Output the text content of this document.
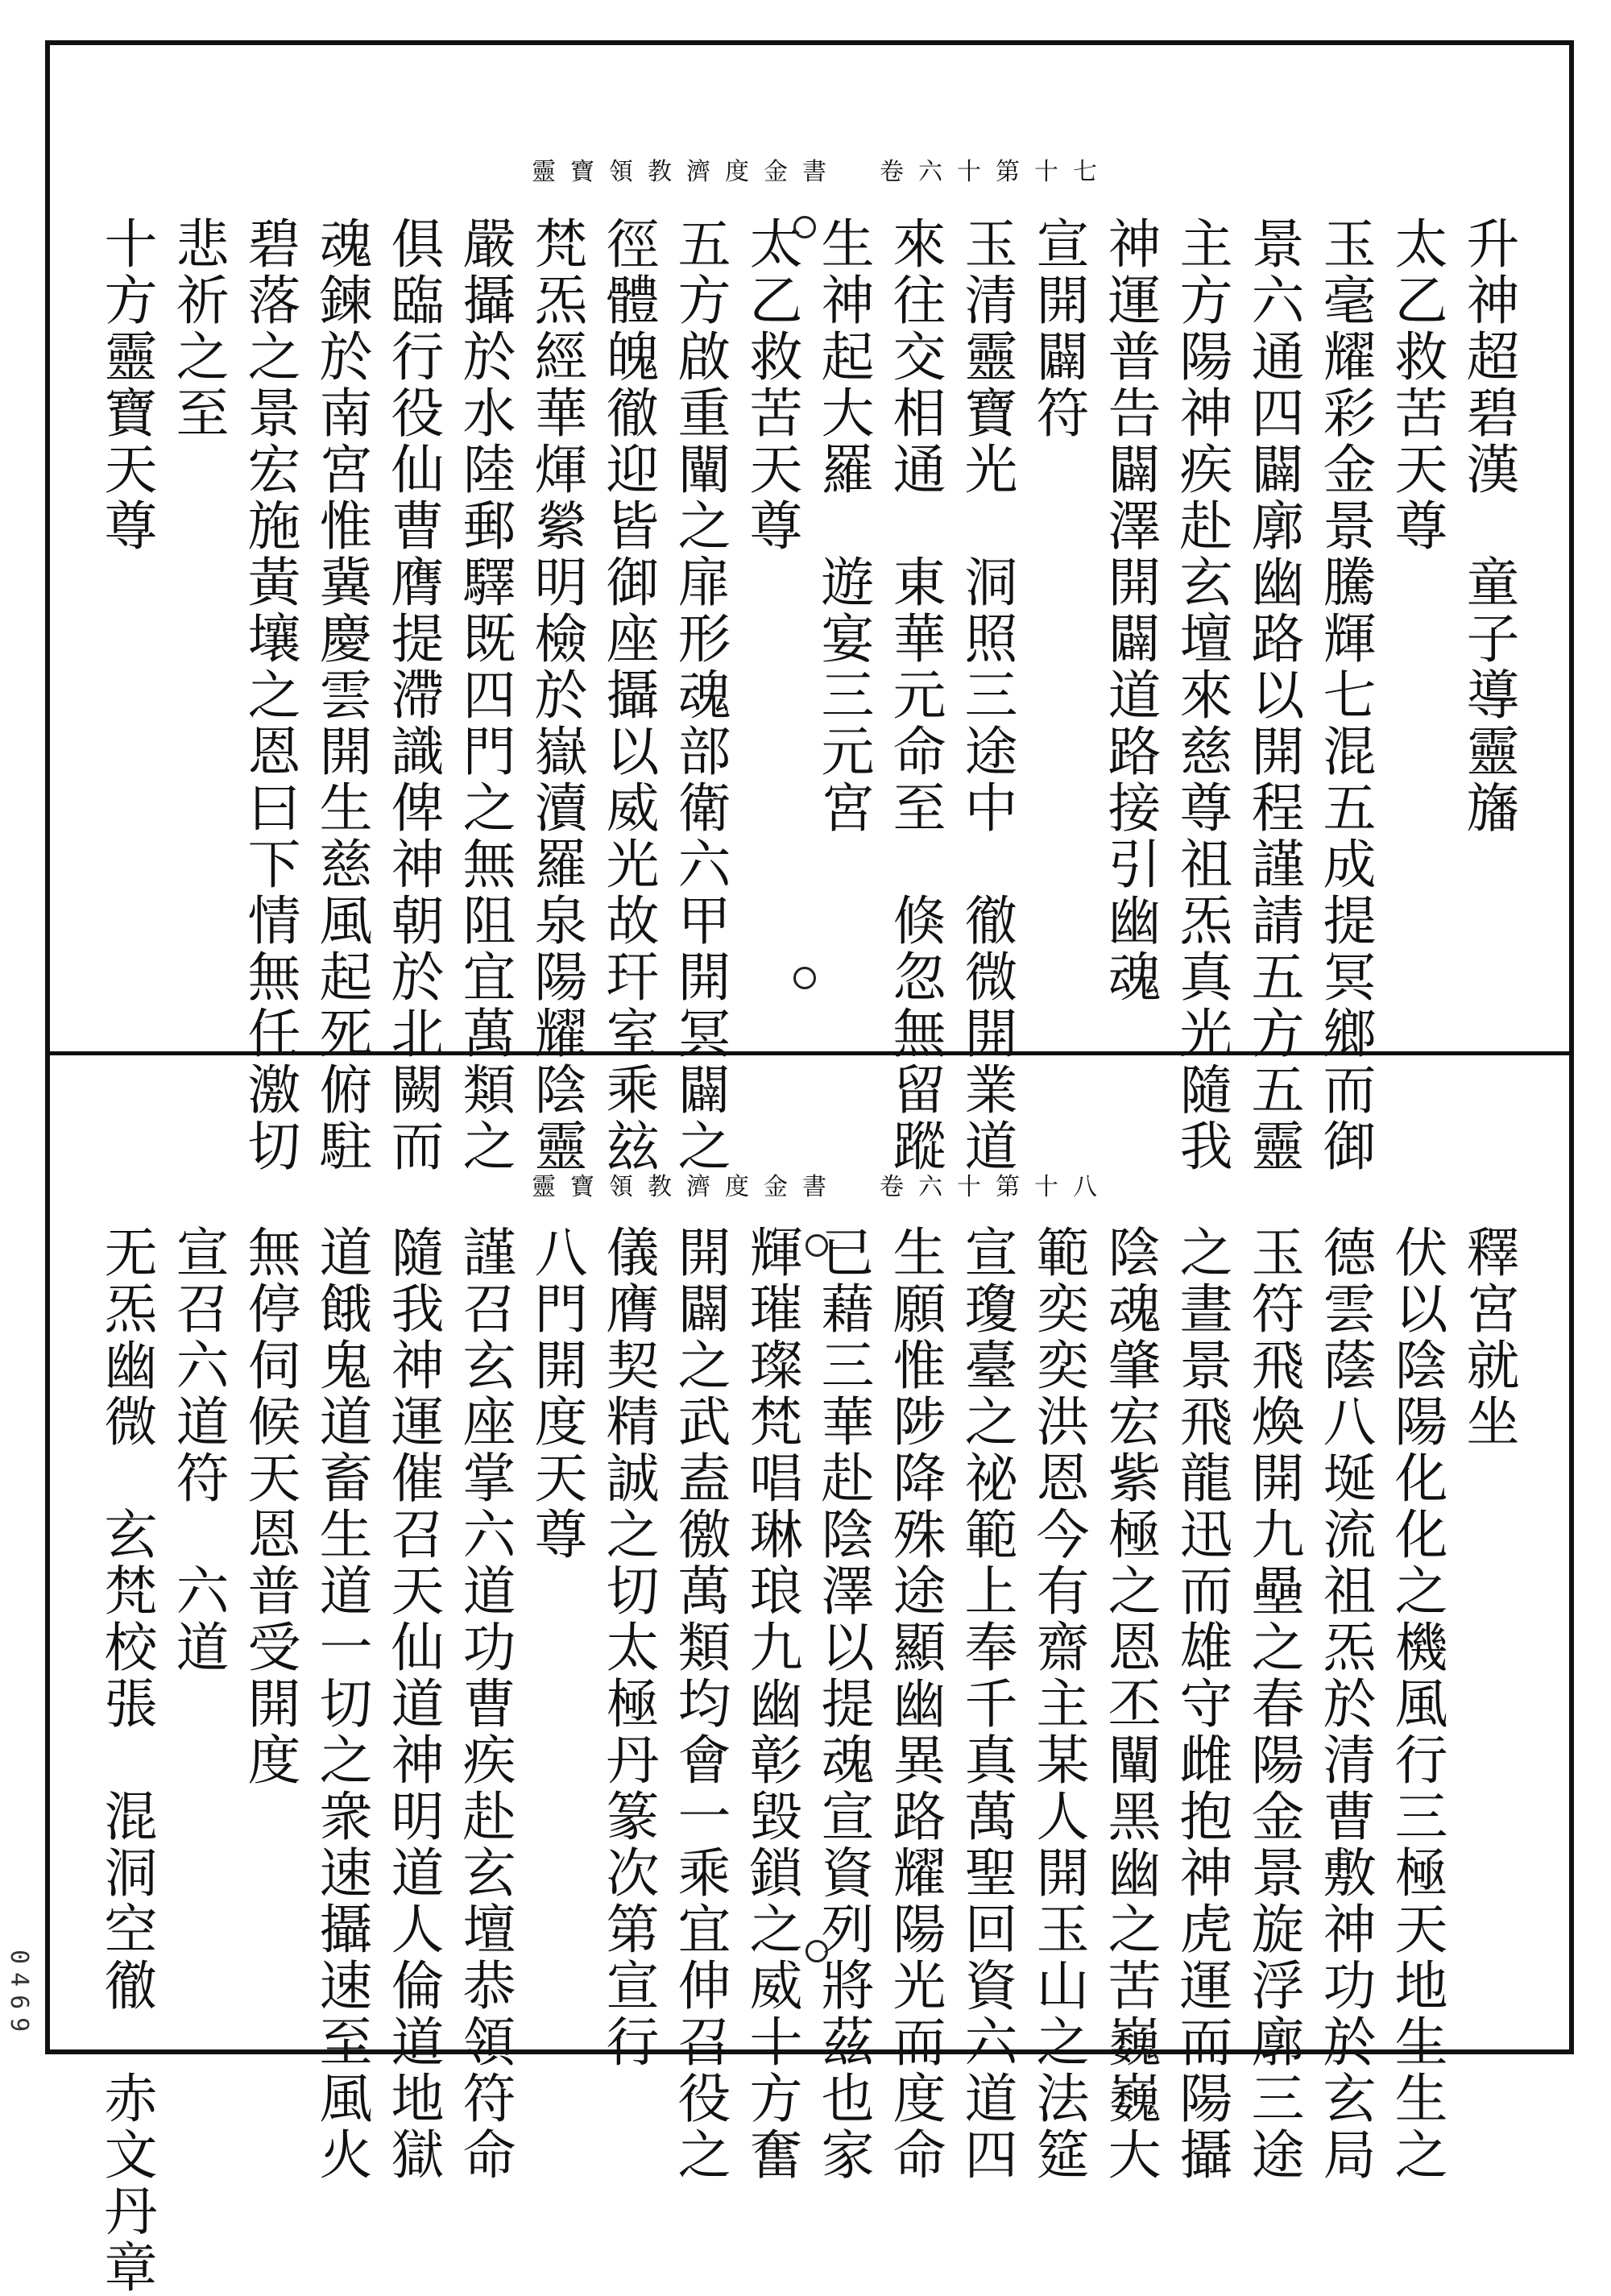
靈寶領教濟度金書　卷六十第十七
靈寶領教濟度金書　卷六十第十八
升神超碧漢　童子導靈旛
太乙救苦天尊
玉毫耀彩金景騰輝七混五成提冥鄉而御
景六通四闢廓幽路以開程謹請五方五靈
主方陽神疾赴玄壇來慈尊祖炁真光隨我
神運普告闢澤開闢道路接引幽魂
宣開闢符
玉清靈寶光　洞照三途中　徹微開業道
來往交相通　東華元命至　倏忽無留蹤
生神起大羅　遊宴三元宮
太乙救苦天尊
五方啟重闡之扉形魂部衛六甲開冥闢之
徑體魄徹迎皆御座攝以威光故玕室乘玆
梵炁經華煇縈明檢於嶽瀆羅泉陽耀陰靈
嚴攝於水陸郵驛既四門之無阻宜萬類之
俱臨行役仙曹膺提滯識俾神朝於北闕而
魂鍊於南宮惟冀慶雲開生慈風起死俯駐
碧落之景宏施黃壤之恩曰下情無任激切
悲祈之至
十方靈寶天尊
釋宮就坐
伏以陰陽化化之機風行三極天地生生之
德雲蔭八埏流祖炁於清曹敷神功於玄局
玉符飛煥開九壘之春陽金景旋浮廓三途
之晝景飛龍迅而雄守雌抱神虎運而陽攝
陰魂肇宏紫極之恩丕闡黑幽之苦巍巍大
範奕奕洪恩今有齋主某人開玉山之法筵
宣瓊臺之祕範上奉千真萬聖回資六道四
生願惟陟降殊途顯幽異路耀陽光而度命
已藉三華赴陰澤以提魂宣資列將茲也家
輝璀璨梵唱琳琅九幽彰毀鎖之威十方奮
開闢之武盍徼萬類均會一乘宜伸召役之
儀膺契精誠之切太極丹篆次第宣行
八門開度天尊
謹召玄座掌六道功曹疾赴玄壇恭領符命
隨我神運催召天仙道神明道人倫道地獄
道餓鬼道畜生道一切之衆速攝速至風火
無停伺候天恩普受開度
宣召六道符　六道
无炁幽微　玄梵校張　混洞空徹　赤文丹章
0469
